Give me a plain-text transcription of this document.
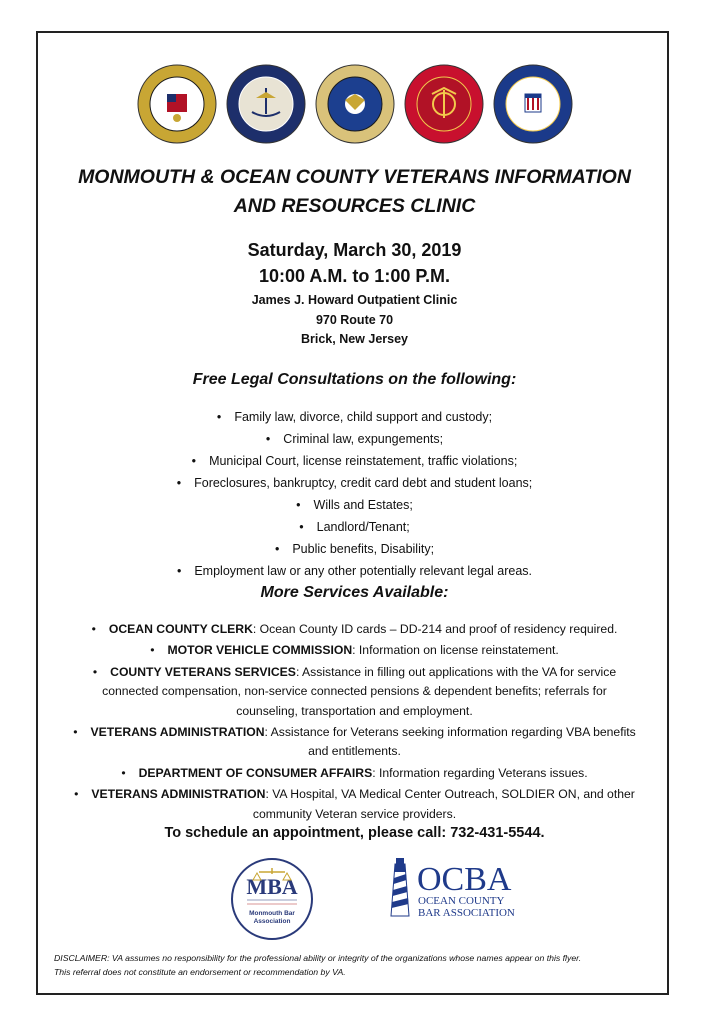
MONMOUTH & OCEAN COUNTY VETERANS INFORMATION
AND RESOURCES CLINIC
Saturday, March 30, 2019
10:00 A.M. to 1:00 P.M.
James J. Howard Outpatient Clinic
970 Route 70
Brick, New Jersey
Free Legal Consultations on the following:
• Family law, divorce, child support and custody;
• Criminal law, expungements;
• Municipal Court, license reinstatement, traffic violations;
• Foreclosures, bankruptcy, credit card debt and student loans;
• Wills and Estates;
• Landlord/Tenant;
• Public benefits, Disability;
• Employment law or any other potentially relevant legal areas.
More Services Available:
• OCEAN COUNTY CLERK: Ocean County ID cards – DD-214 and proof of residency required.
• MOTOR VEHICLE COMMISSION: Information on license reinstatement.
• COUNTY VETERANS SERVICES: Assistance in filling out applications with the VA for service connected compensation, non-service connected pensions & dependent benefits; referrals for counseling, transportation and employment.
• VETERANS ADMINISTRATION: Assistance for Veterans seeking information regarding VBA benefits and entitlements.
• DEPARTMENT OF CONSUMER AFFAIRS: Information regarding Veterans issues.
• VETERANS ADMINISTRATION: VA Hospital, VA Medical Center Outreach, SOLDIER ON, and other community Veteran service providers.
To schedule an appointment, please call: 732-431-5544.
MBA
Monmouth Bar
Association
OCBA
OCEAN COUNTY
BAR ASSOCIATION
DISCLAIMER: VA assumes no responsibility for the professional ability or integrity of the organizations whose names appear on this flyer.
This referral does not constitute an endorsement or recommendation by VA.
